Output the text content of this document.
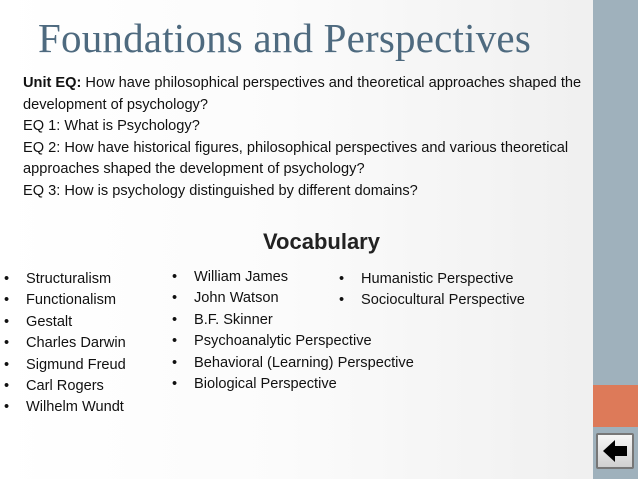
Foundations and Perspectives

Unit EQ: How have philosophical perspectives and theoretical approaches shaped the development of psychology?

EQ 1: What is Psychology?

EQ 2: How have historical figures, philosophical perspectives and various theoretical approaches shaped the development of psychology?

EQ 3: How is psychology distinguished by different domains?

Vocabulary
• Structuralism
• Functionalism
• Gestalt
• Charles Darwin
• Sigmund Freud
• Carl Rogers
• Wilhelm Wundt
• William James
• John Watson
• B.F. Skinner
• Psychoanalytic Perspective
• Behavioral (Learning) Perspective
• Biological Perspective
• Humanistic Perspective
• Sociocultural Perspective
